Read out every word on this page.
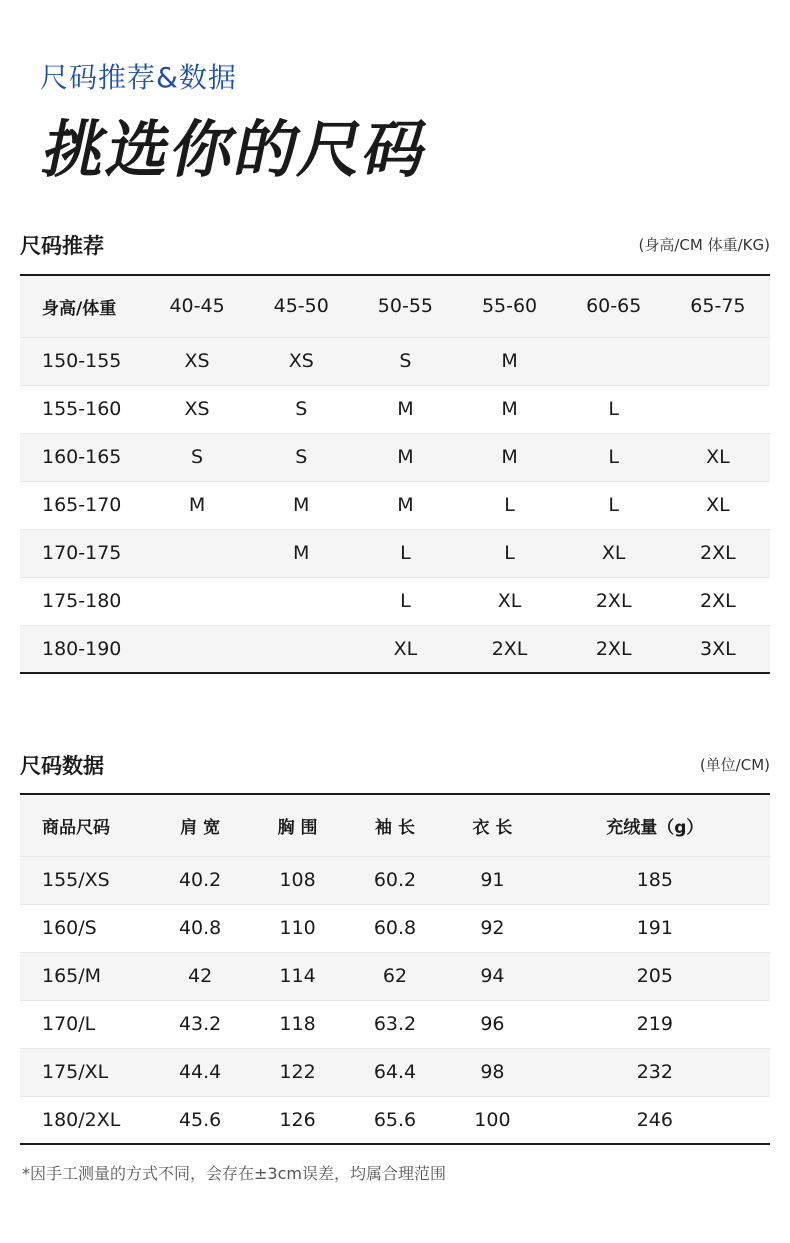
尺码推荐&数据
挑选你的尺码
尺码推荐	(身高/CM 体重/KG)
身高/体重	40-45	45-50	50-55	55-60	60-65	65-75
150-155	XS	XS	S	M		
155-160	XS	S	M	M	L	
160-165	S	S	M	M	L	XL
165-170	M	M	M	L	L	XL
170-175		M	L	L	XL	2XL
175-180			L	XL	2XL	2XL
180-190			XL	2XL	2XL	3XL
尺码数据	(单位/CM)
商品尺码	肩 宽	胸 围	袖 长	衣 长	充绒量（g）
155/XS	40.2	108	60.2	91	185
160/S	40.8	110	60.8	92	191
165/M	42	114	62	94	205
170/L	43.2	118	63.2	96	219
175/XL	44.4	122	64.4	98	232
180/2XL	45.6	126	65.6	100	246
*因手工测量的方式不同，会存在±3cm误差，均属合理范围
